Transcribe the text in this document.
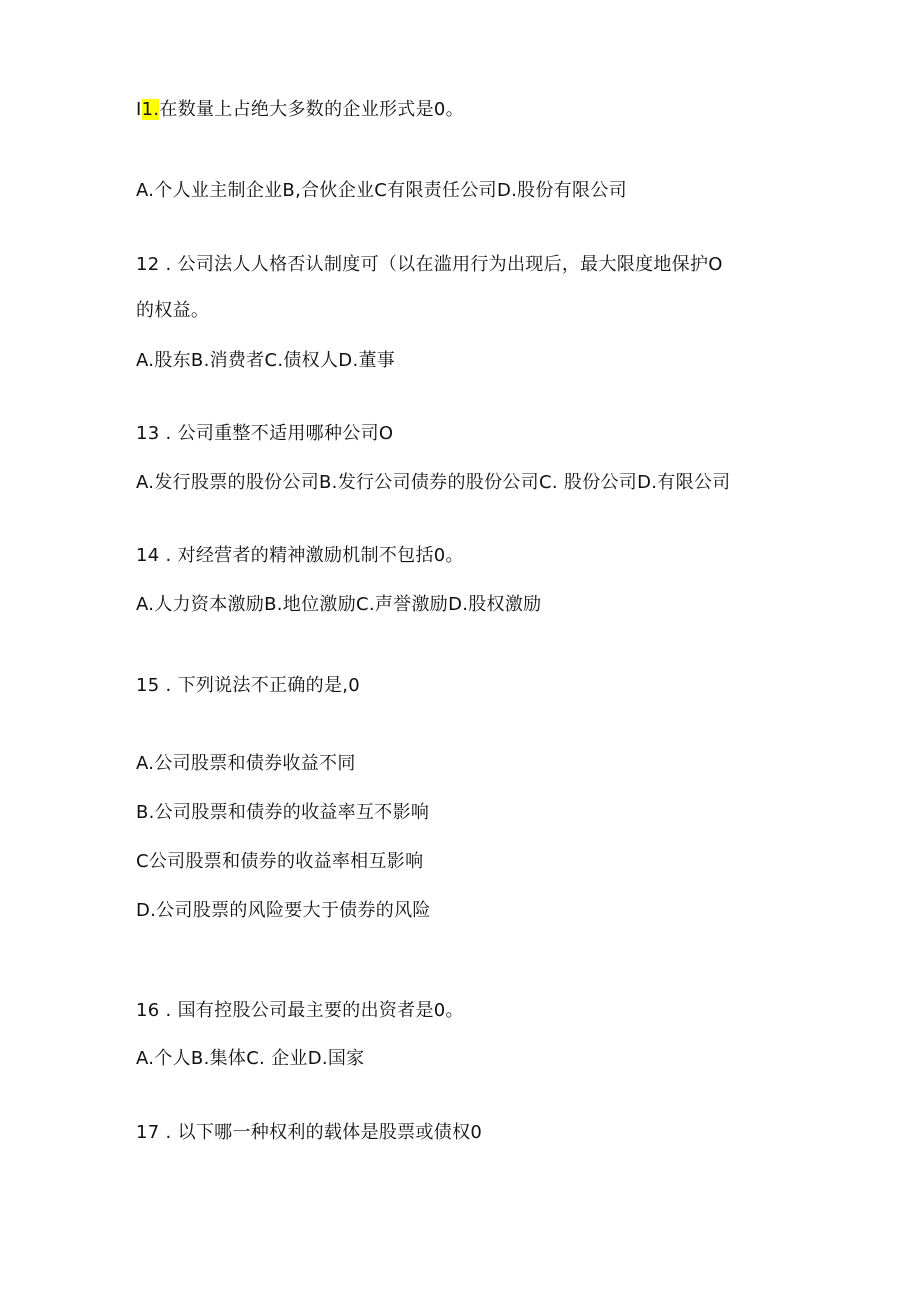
I1.在数量上占绝大多数的企业形式是0。
A.个人业主制企业B,合伙企业C有限责任公司D.股份有限公司
12 . 公司法人人格否认制度可（以在滥用行为出现后，最大限度地保护O
的权益。
A.股东B.消费者C.债权人D.董事
13 . 公司重整不适用哪种公司O
A.发行股票的股份公司B.发行公司债券的股份公司C. 股份公司D.有限公司
14 . 对经营者的精神激励机制不包括0。
A.人力资本激励B.地位激励C.声誉激励D.股权激励
15 . 下列说法不正确的是,0
A.公司股票和债券收益不同
B.公司股票和债券的收益率互不影响
C公司股票和债券的收益率相互影响
D.公司股票的风险要大于债券的风险
16 . 国有控股公司最主要的出资者是0。
A.个人B.集体C. 企业D.国家
17 . 以下哪一种权利的载体是股票或债权0
